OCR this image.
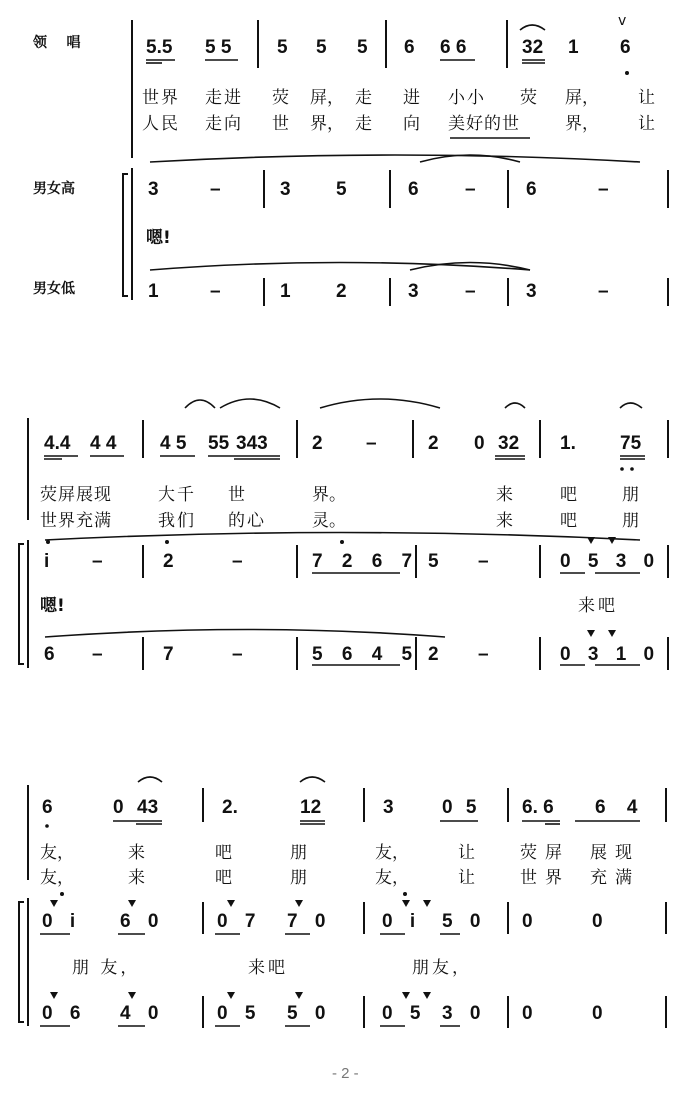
领    唱
男女高
男女低
5.5 5 5 5 5 5 6 6 6	32 1 6
v
世界 走进 荧 屏， 走 进 小小 荧 屏， 让
人民 走向 世 界， 走 向 美好的世	界， 让
3	–	3 5	6 –	6	–
嗯!
1	–	1 2	3 –	3	–
4.4 4 4 4 5 55 343 2 –	2 0 32 1. 75
荧屏展现	大千 世	界。	来	吧	朋
世界充满	我们 的心	灵。	来	吧	朋
i –	2	–	7 2 6 7 5 –	0 5 3 0
嗯!	来吧
6 –	7	–	5 6 4 5 2 –	0 3 1 0
6	0 43	2.	12	3	0 5 6. 6 6 4
友，	来	吧	朋	友，	让	荧屏 展现
友，	来	吧	朋	友，	让	世界 充满
0 i 6 0	0 7 7 0	0 i 5 0 0	0
朋 友，	来吧	朋友，
0 6 4 0	0 5 5 0	0 5 3 0 0	0
- 2 -
